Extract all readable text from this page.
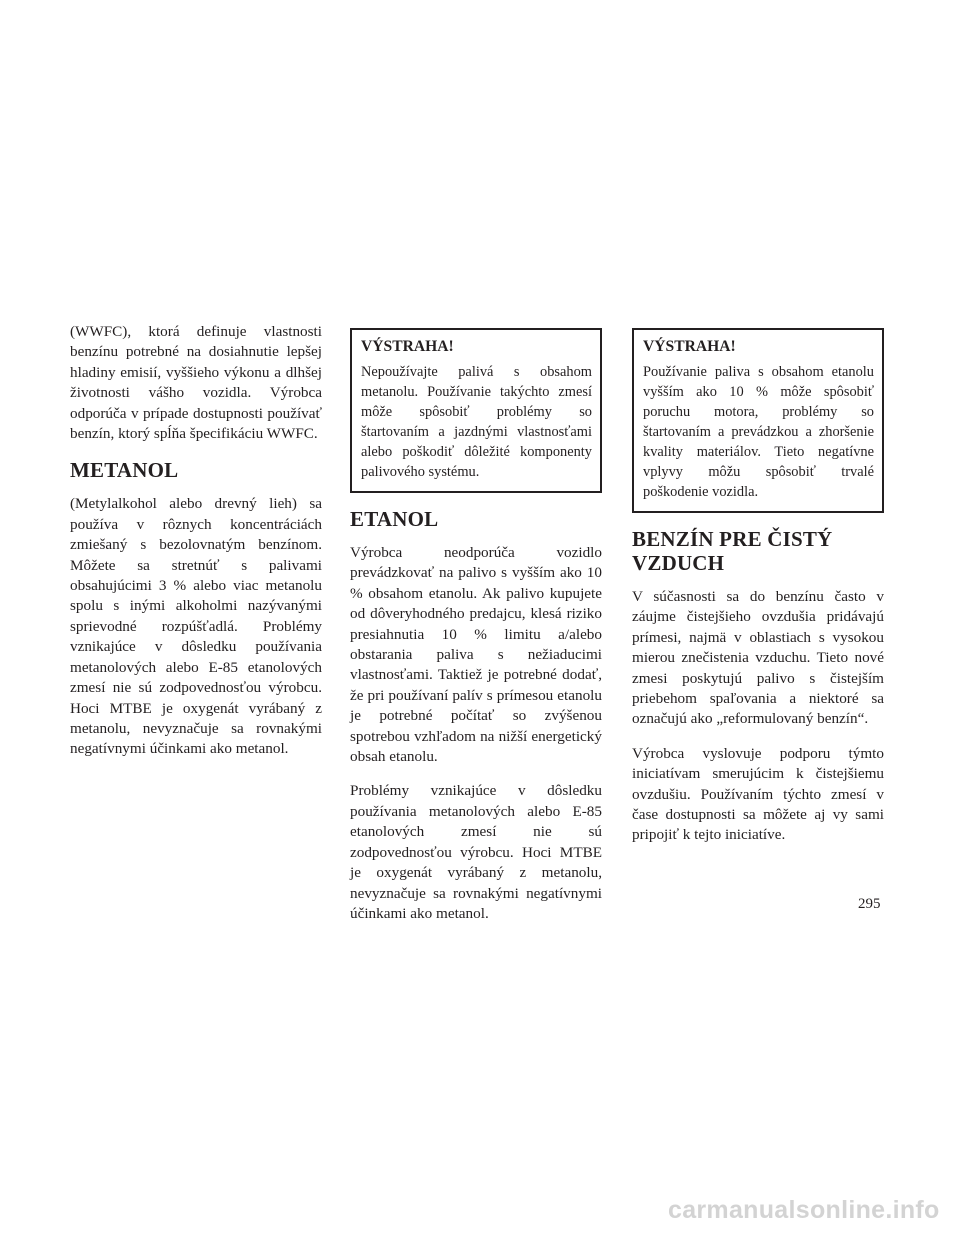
(WWFC), ktorá definuje vlastnosti benzínu potrebné na dosiahnutie lepšej hladiny emisií, vyššieho výkonu a dlhšej životnosti vášho vozidla. Výrobca odporúča v prípade dostupnosti používať benzín, ktorý spĺňa špecifikáciu WWFC.

METANOL

(Metylalkohol alebo drevný lieh) sa používa v rôznych koncentráciách zmiešaný s bezolovnatým benzínom. Môžete sa stretnúť s palivami obsahujúcimi 3 % alebo viac metanolu spolu s inými alkoholmi nazývanými sprievodné rozpúšťadlá. Problémy vznikajúce v dôsledku používania metanolových alebo E-85 etanolových zmesí nie sú zodpovednosťou výrobcu. Hoci MTBE je oxygenát vyrábaný z metanolu, nevyznačuje sa rovnakými negatívnymi účinkami ako metanol.

VÝSTRAHA!

Nepoužívajte palivá s obsahom metanolu. Používanie takýchto zmesí môže spôsobiť problémy so štartovaním a jazdnými vlastnosťami alebo poškodiť dôležité komponenty palivového systému.

ETANOL

Výrobca neodporúča vozidlo prevádzkovať na palivo s vyšším ako 10 % obsahom etanolu. Ak palivo kupujete od dôveryhodného predajcu, klesá riziko presiahnutia 10 % limitu a/alebo obstarania paliva s nežiaducimi vlastnosťami. Taktiež je potrebné dodať, že pri používaní palív s prímesou etanolu je potrebné počítať so zvýšenou spotrebou vzhľadom na nižší energetický obsah etanolu.

Problémy vznikajúce v dôsledku používania metanolových alebo E-85 etanolových zmesí nie sú zodpovednosťou výrobcu. Hoci MTBE je oxygenát vyrábaný z metanolu, nevyznačuje sa rovnakými negatívnymi účinkami ako metanol.

VÝSTRAHA!

Používanie paliva s obsahom etanolu vyšším ako 10 % môže spôsobiť poruchu motora, problémy so štartovaním a prevádzkou a zhoršenie kvality materiálov. Tieto negatívne vplyvy môžu spôsobiť trvalé poškodenie vozidla.

BENZÍN PRE ČISTÝ VZDUCH

V súčasnosti sa do benzínu často v záujme čistejšieho ovzdušia pridávajú prímesi, najmä v oblastiach s vysokou mierou znečistenia vzduchu. Tieto nové zmesi poskytujú palivo s čistejším priebehom spaľovania a niektoré sa označujú ako „reformulovaný benzín“.

Výrobca vyslovuje podporu týmto iniciatívam smerujúcim k čistejšiemu ovzdušiu. Používaním týchto zmesí v čase dostupnosti sa môžete aj vy sami pripojiť k tejto iniciatíve.

295
carmanualsonline.info
